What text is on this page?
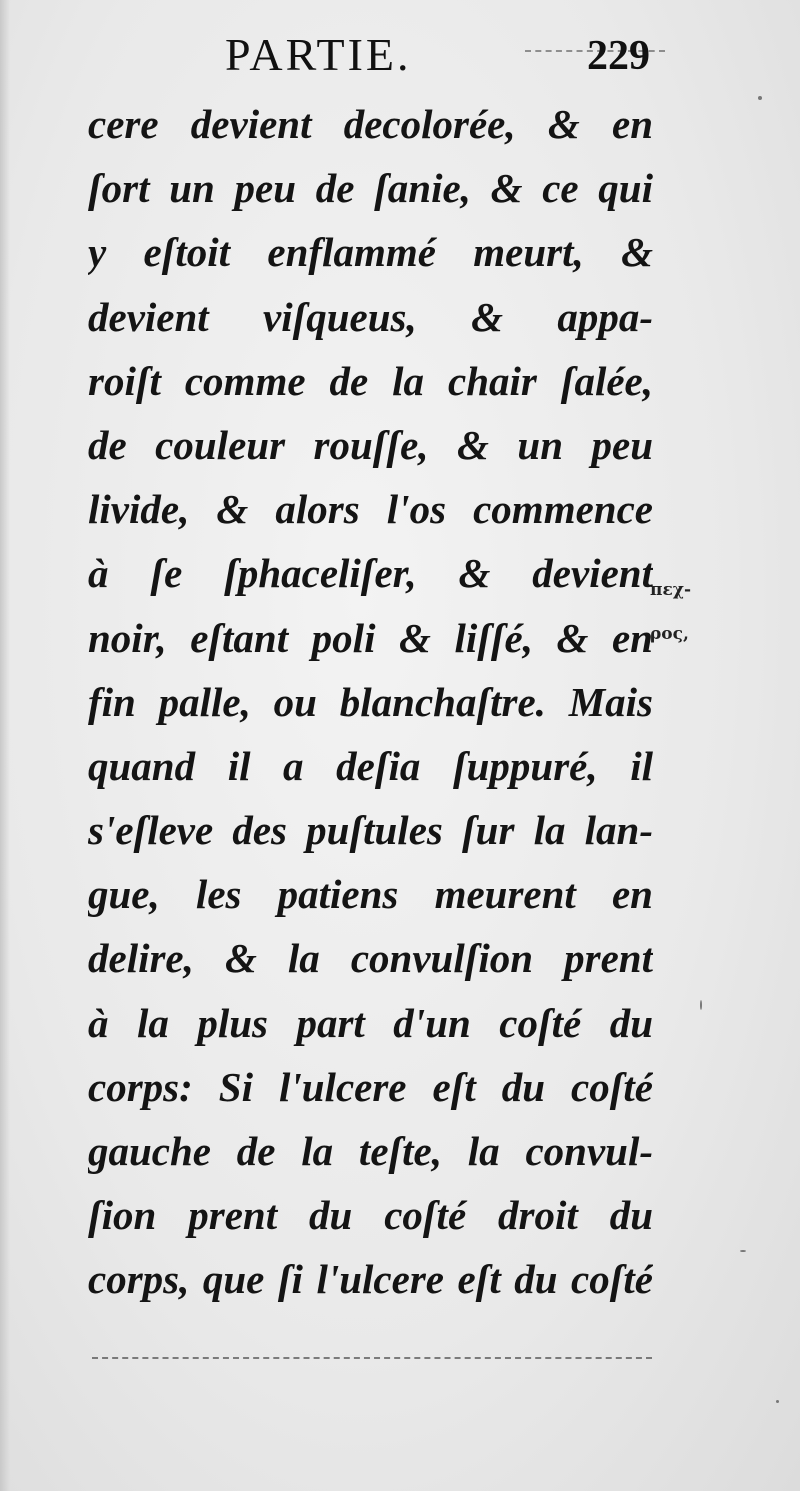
PARTIE.	229
cere devient decolorée, & en
ſort un peu de ſanie, & ce qui
y eſtoit enflammé meurt, &
devient viſqueus, & appa-
roiſt comme de la chair ſalée,
de couleur rouſſe, & un peu
livide, & alors l'os commence
à ſe ſphaceliſer, & devient
noir, eſtant poli & liſſé, & en
fin palle, ou blanchaſtre. Mais
quand il a deſia ſuppuré, il
s'eſleve des puſtules ſur la lan-
gue, les patiens meurent en
delire, & la convulſion prent
à la plus part d'un coſté du
corps: Si l'ulcere eſt du coſté
gauche de la teſte, la convul-
ſion prent du coſté droit du
corps, que ſi l'ulcere eſt du coſté
πεχ-
ρος,
